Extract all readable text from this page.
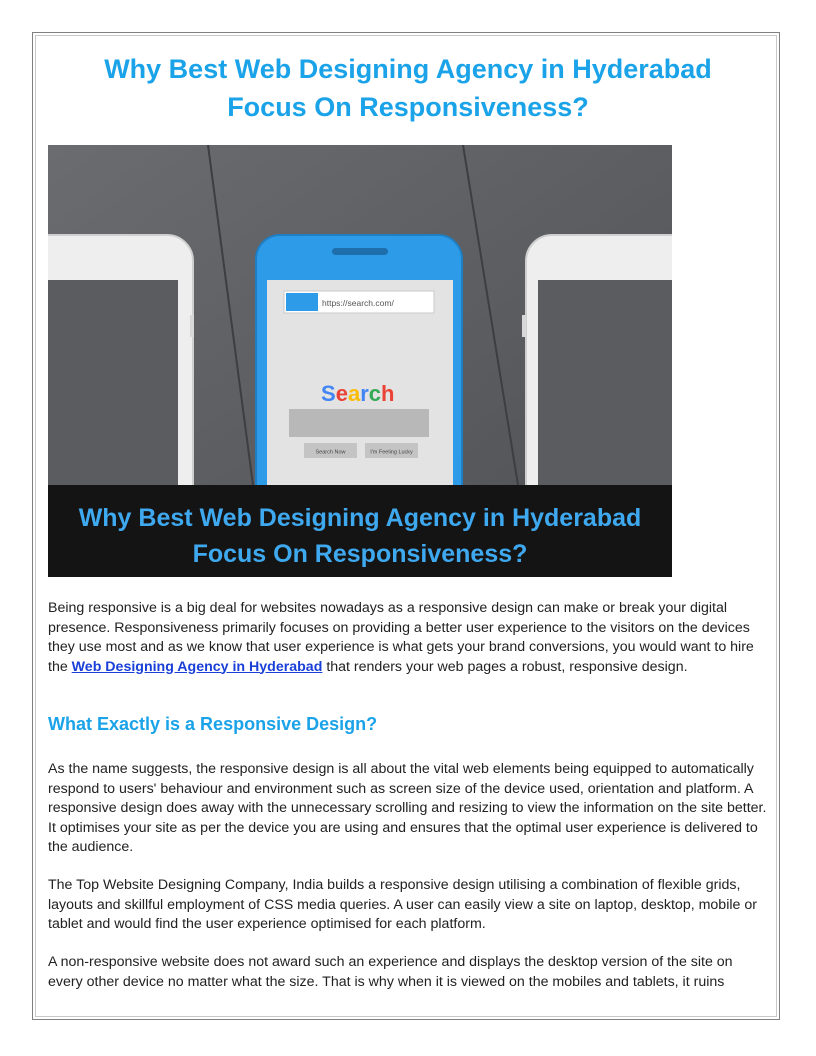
Why Best Web Designing Agency in Hyderabad
Focus On Responsiveness?
https://search.com/
Search
Search Now	I'm Feeling Lucky
Why Best Web Designing Agency in Hyderabad
Focus On Responsiveness?

Being responsive is a big deal for websites nowadays as a responsive design can make or break your digital presence. Responsiveness primarily focuses on providing a better user experience to the visitors on the devices they use most and as we know that user experience is what gets your brand conversions, you would want to hire the Web Designing Agency in Hyderabad that renders your web pages a robust, responsive design.

What Exactly is a Responsive Design?

As the name suggests, the responsive design is all about the vital web elements being equipped to automatically respond to users' behaviour and environment such as screen size of the device used, orientation and platform. A responsive design does away with the unnecessary scrolling and resizing to view the information on the site better. It optimises your site as per the device you are using and ensures that the optimal user experience is delivered to the audience.

The Top Website Designing Company, India builds a responsive design utilising a combination of flexible grids, layouts and skillful employment of CSS media queries. A user can easily view a site on laptop, desktop, mobile or tablet and would find the user experience optimised for each platform.

A non-responsive website does not award such an experience and displays the desktop version of the site on every other device no matter what the size. That is why when it is viewed on the mobiles and tablets, it ruins
